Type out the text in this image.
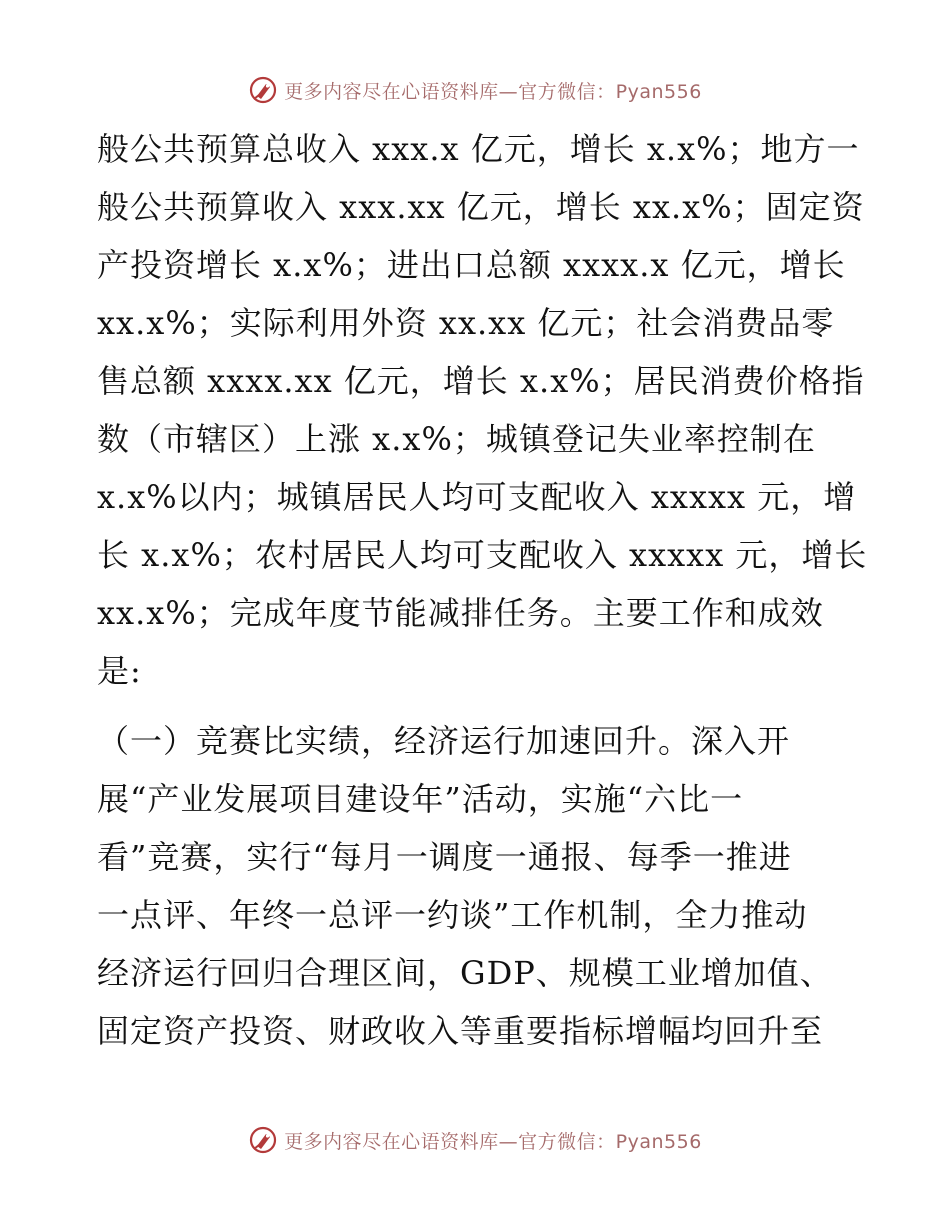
更多内容尽在心语资料库—官方微信：Pyan556
般公共预算总收入 xxx.x 亿元，增长 x.x%；地方一
般公共预算收入 xxx.xx 亿元，增长 xx.x%；固定资
产投资增长 x.x%；进出口总额 xxxx.x 亿元，增长
xx.x%；实际利用外资 xx.xx 亿元；社会消费品零
售总额 xxxx.xx 亿元，增长 x.x%；居民消费价格指
数（市辖区）上涨 x.x%；城镇登记失业率控制在
x.x%以内；城镇居民人均可支配收入 xxxxx 元，增
长 x.x%；农村居民人均可支配收入 xxxxx 元，增长
xx.x%；完成年度节能减排任务。主要工作和成效
是:
（一）竞赛比实绩，经济运行加速回升。深入开
展“产业发展项目建设年”活动，实施“六比一
看”竞赛，实行“每月一调度一通报、每季一推进
一点评、年终一总评一约谈”工作机制，全力推动
经济运行回归合理区间，GDP、规模工业增加值、
固定资产投资、财政收入等重要指标增幅均回升至
更多内容尽在心语资料库—官方微信：Pyan556
